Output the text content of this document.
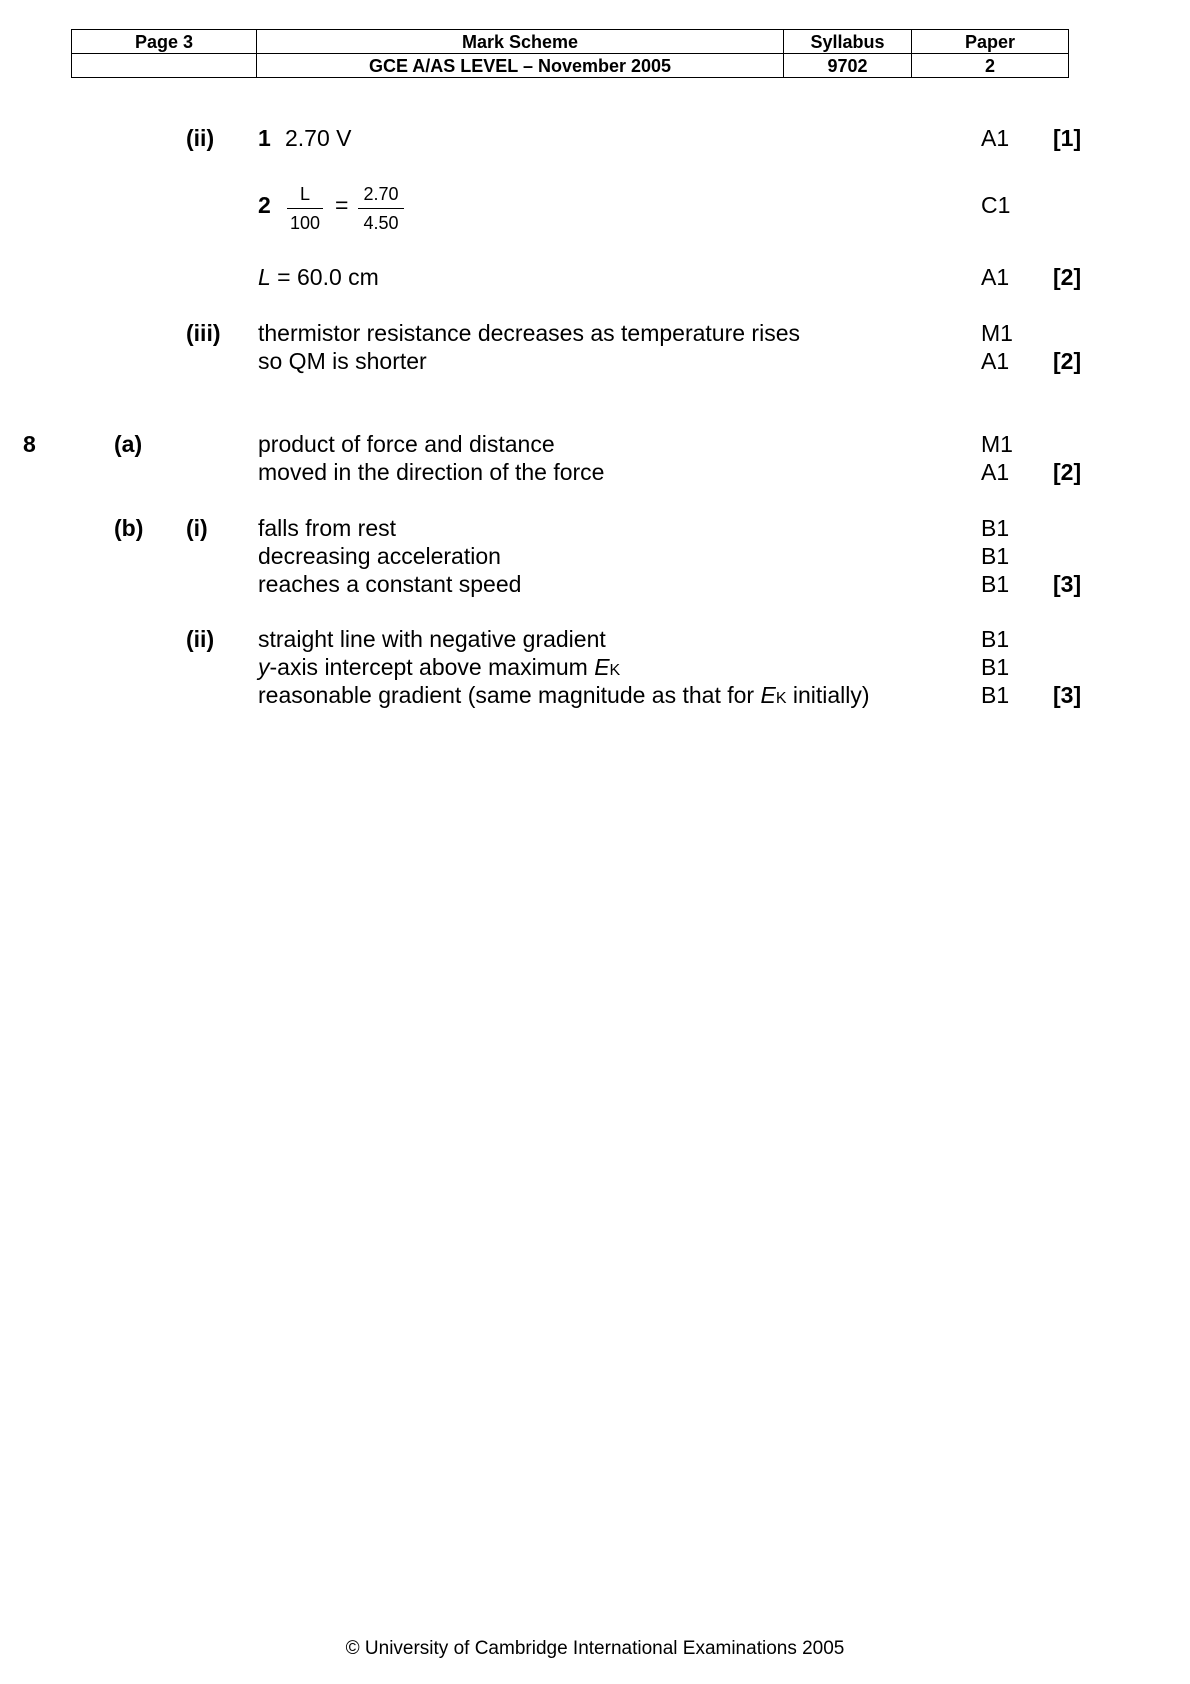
Page 3	Mark Scheme	Syllabus	Paper
	GCE A/AS LEVEL – November 2005	9702	2
(ii) 1 2.70 V	A1 [1]
$2 \frac{L}{100} = \frac{2.70}{4.50}$	C1
L = 60.0 cm	A1 [2]
(iii) thermistor resistance decreases as temperature rises	M1
so QM is shorter	A1 [2]
8	(a)	product of force and distance	M1
moved in the direction of the force	A1 [2]
(b) (i) falls from rest	B1
decreasing acceleration	B1
reaches a constant speed	B1 [3]
(ii) straight line with negative gradient	B1
y-axis intercept above maximum EK	B1
reasonable gradient (same magnitude as that for EK initially)	B1 [3]
© University of Cambridge International Examinations 2005
